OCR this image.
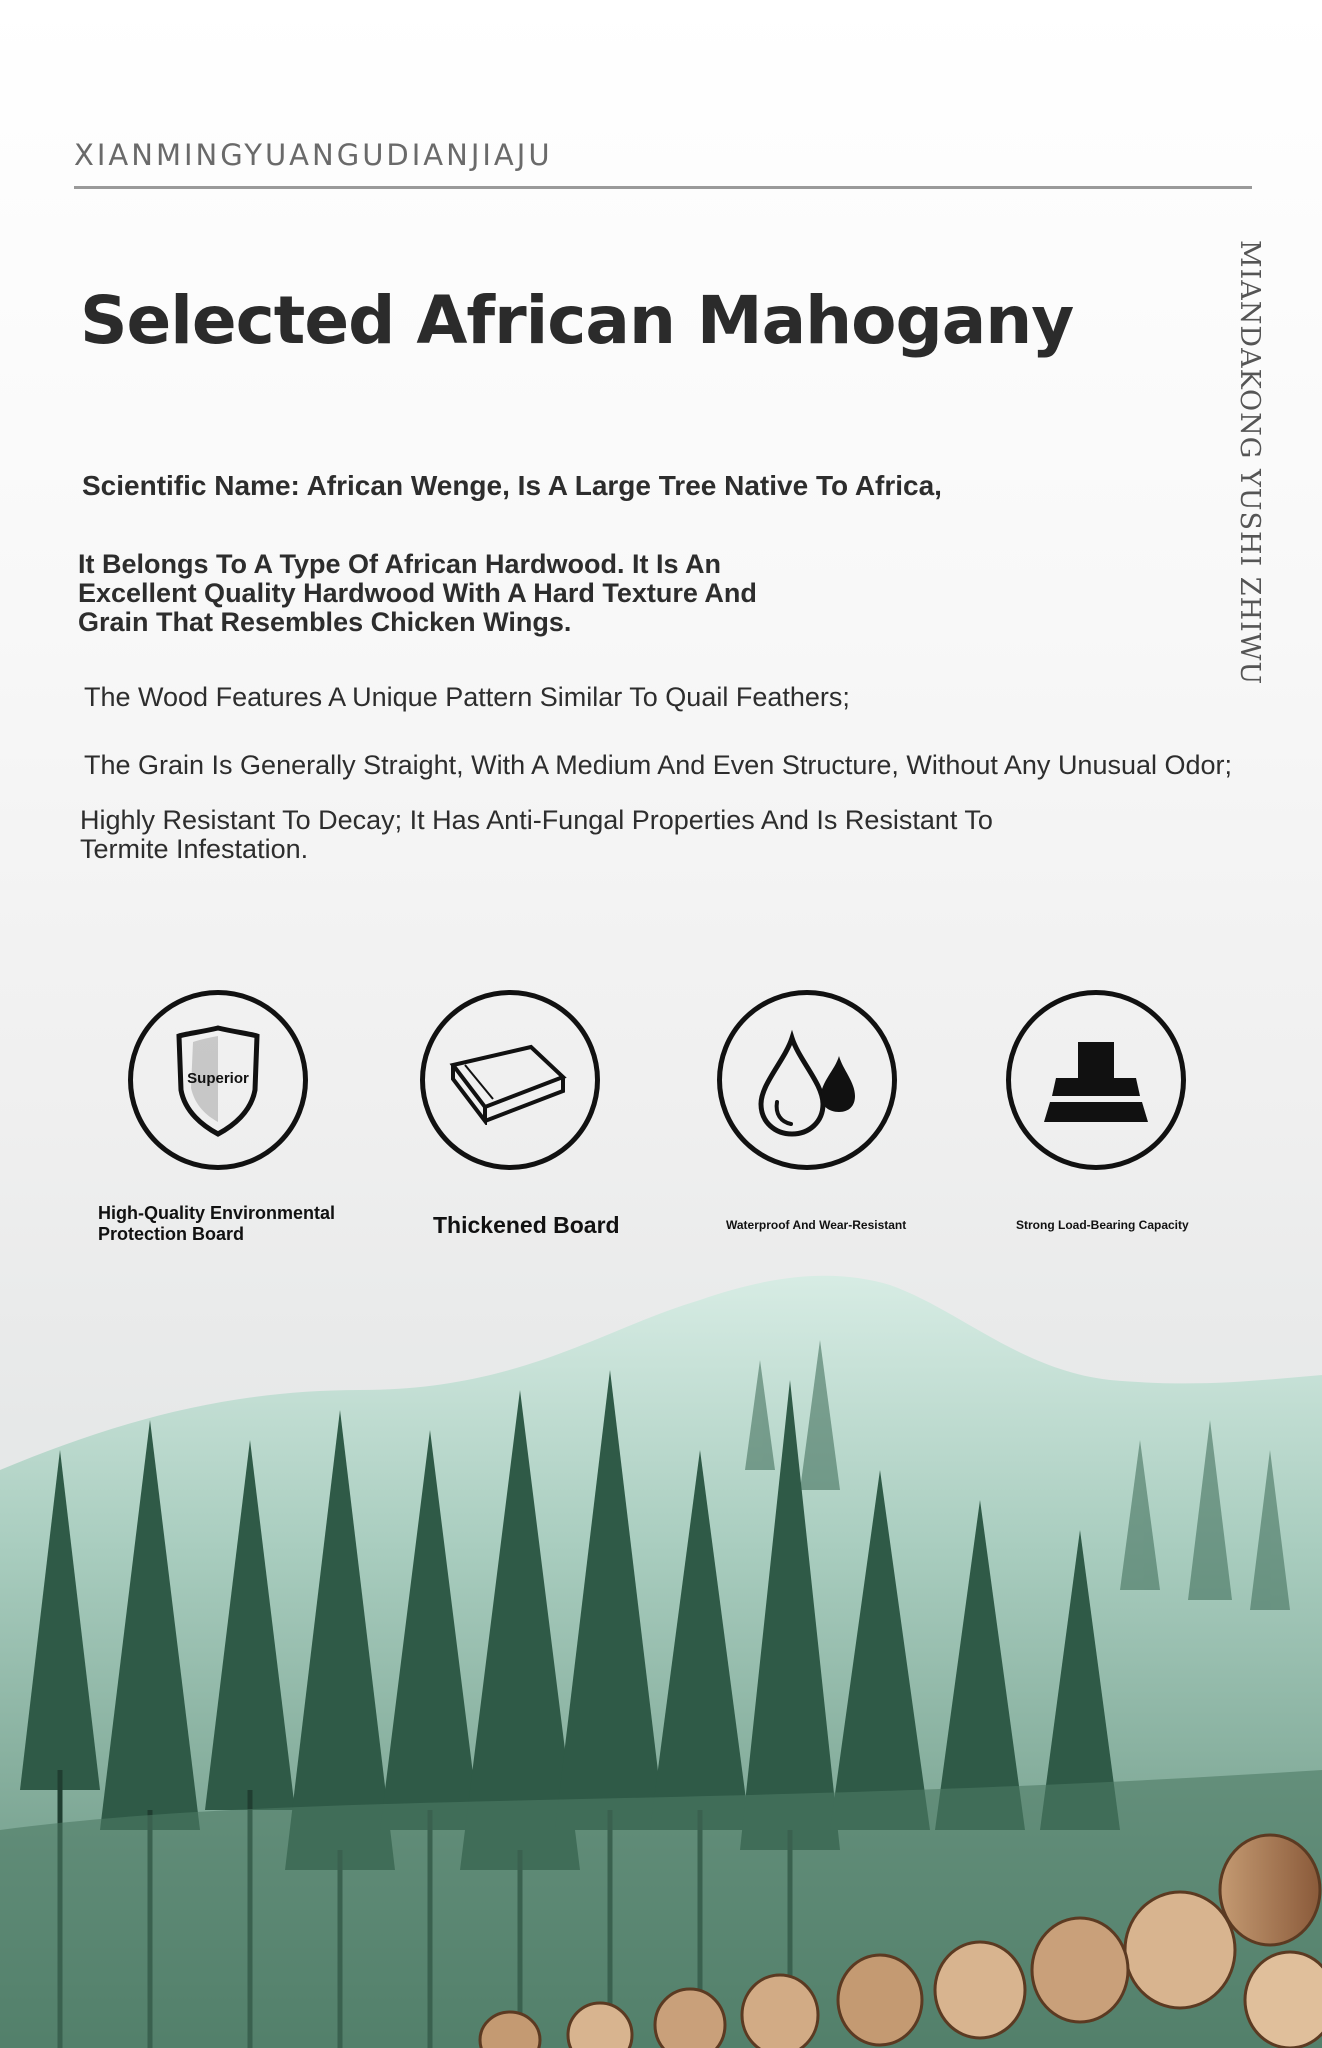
XIANMINGYUANGUDIANJIAJU
MIANDAKONG YUSHI ZHIWU
Selected African Mahogany
Scientific Name: African Wenge, Is A Large Tree Native To Africa,
It Belongs To A Type Of African Hardwood. It Is An Excellent Quality Hardwood With A Hard Texture And Grain That Resembles Chicken Wings.
The Wood Features A Unique Pattern Similar To Quail Feathers;
The Grain Is Generally Straight, With A Medium And Even Structure, Without Any Unusual Odor;
Highly Resistant To Decay; It Has Anti-Fungal Properties And Is Resistant To Termite Infestation.
Superior
High-Quality Environmental Protection Board	Thickened Board	Waterproof And Wear-Resistant	Strong Load-Bearing Capacity
